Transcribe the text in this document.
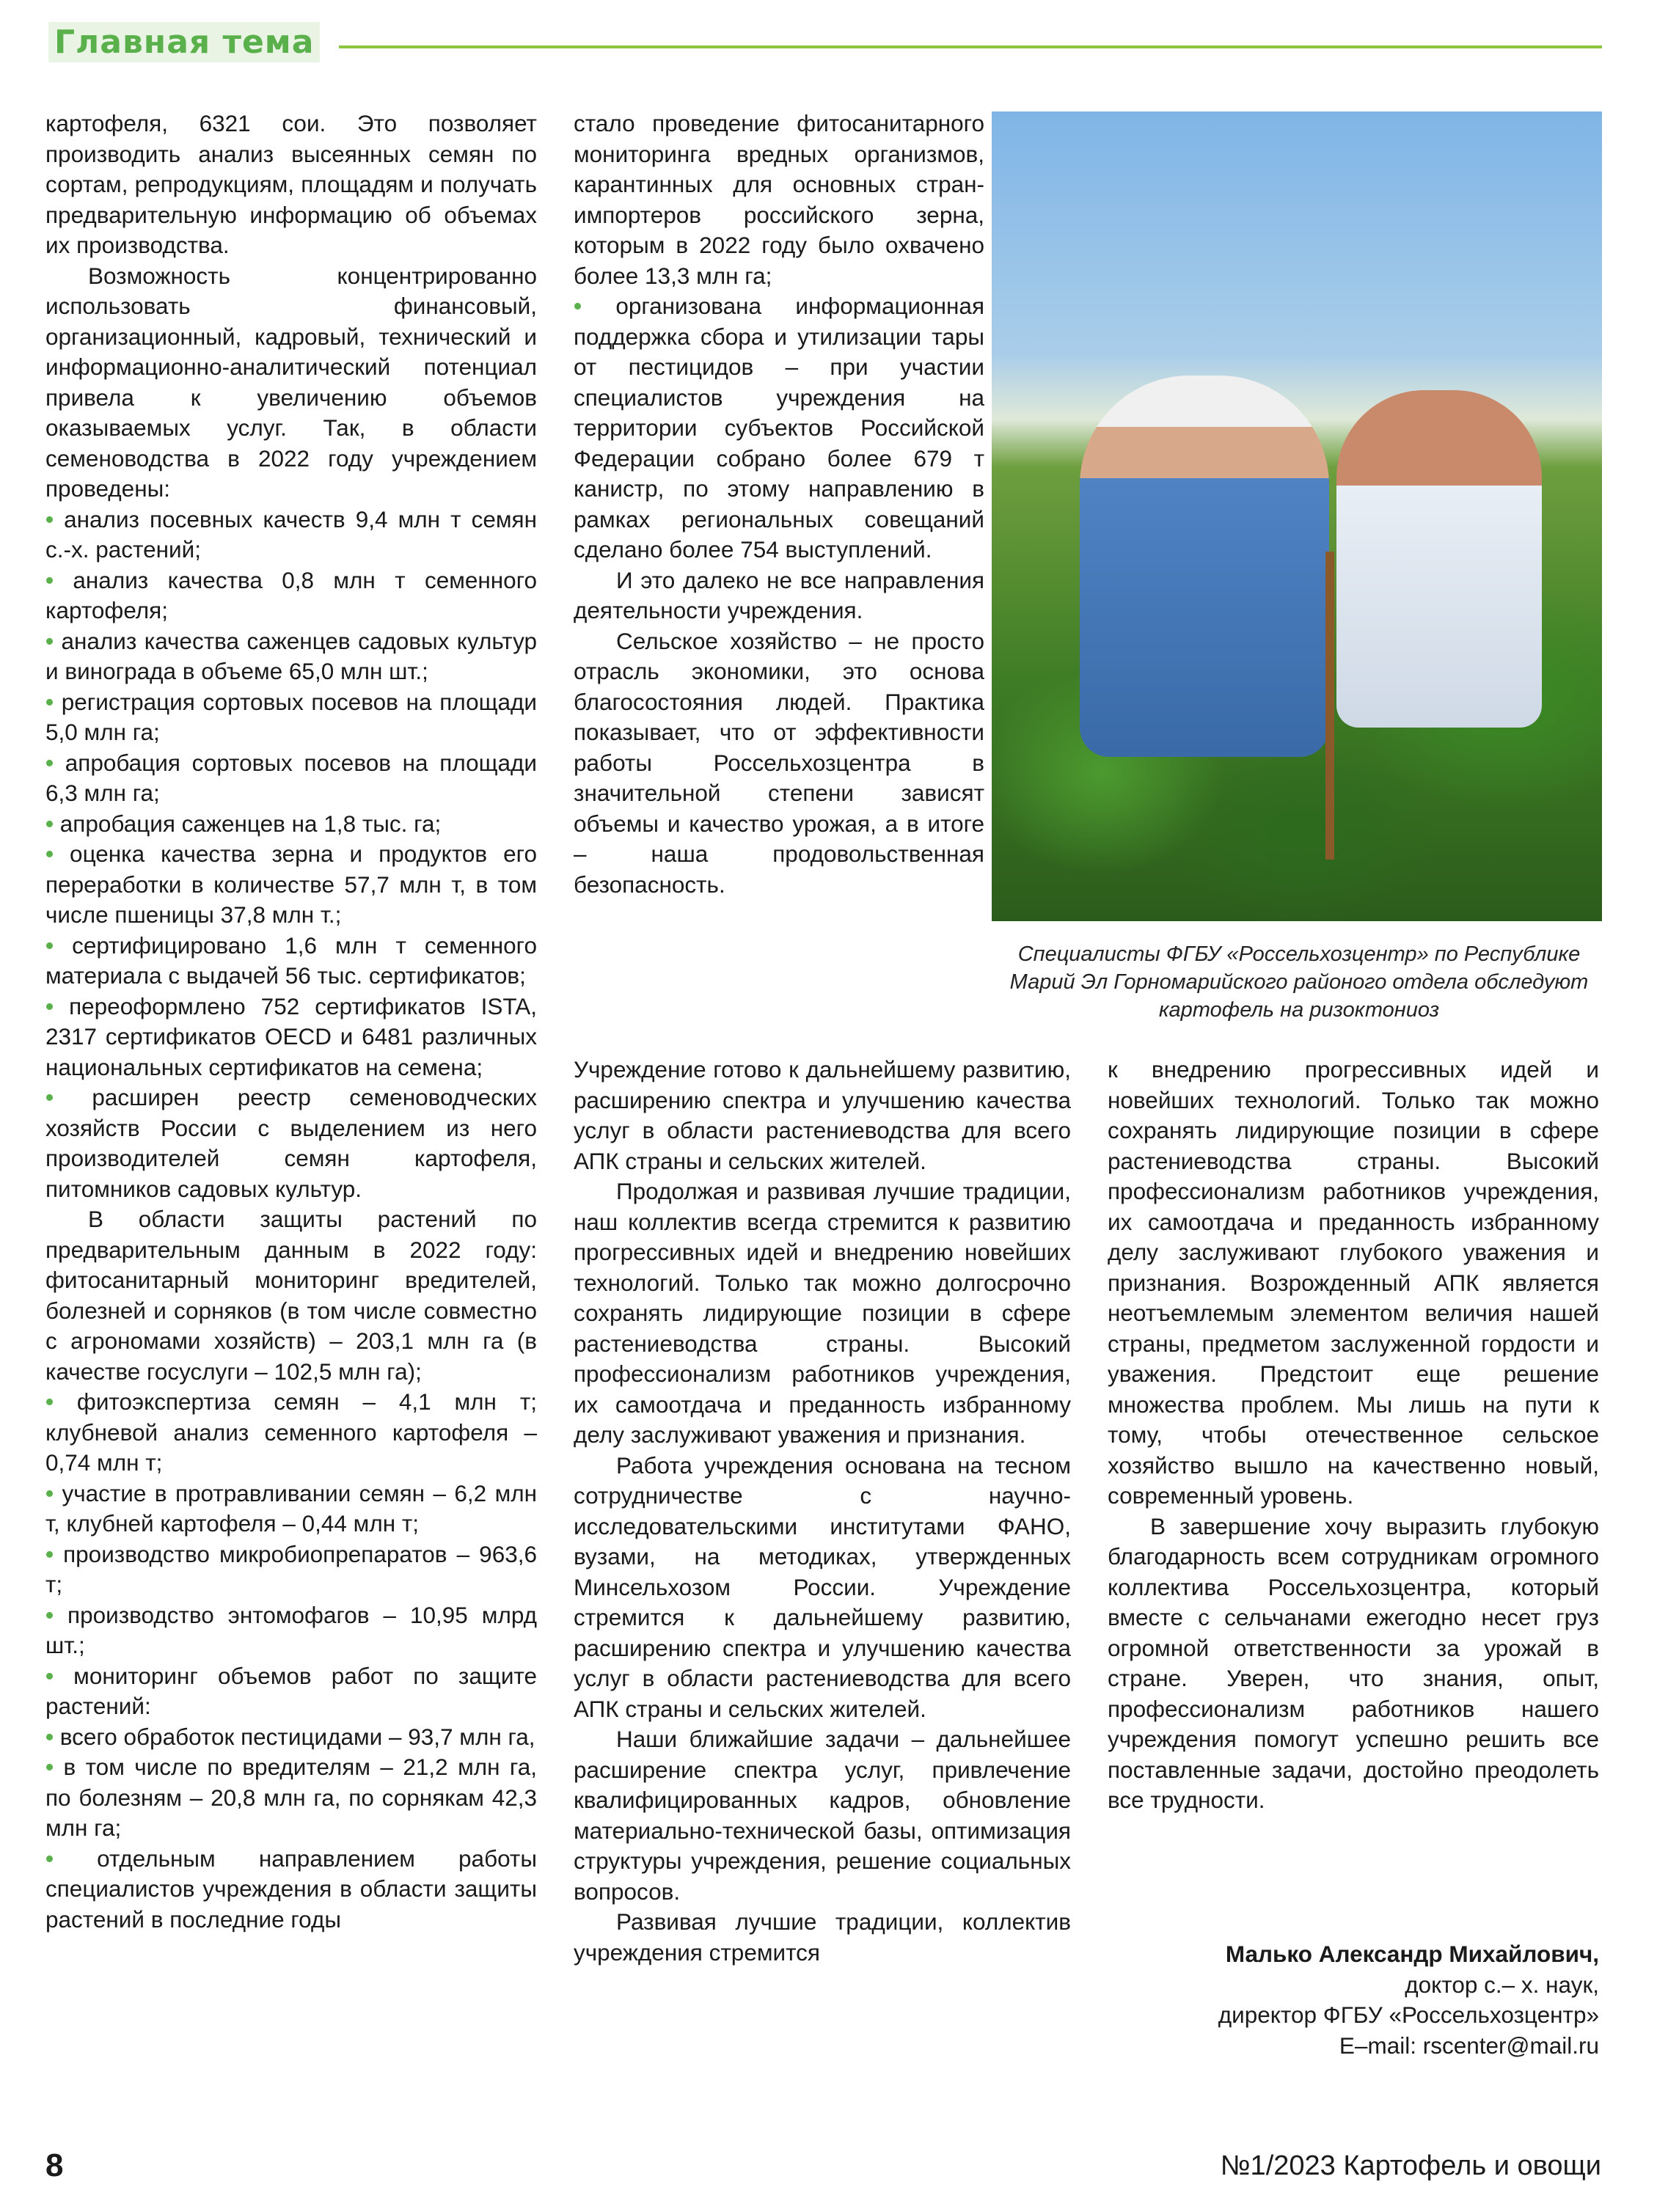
Главная тема

картофеля, 6321 сои. Это позволяет производить анализ высеянных семян по сортам, репродукциям, площадям и получать предварительную информацию об объемах их производства.

Возможность концентрированно использовать финансовый, организационный, кадровый, технический и информационно-аналитический потенциал привела к увеличению объемов оказываемых услуг. Так, в области семеноводства в 2022 году учреждением проведены:

• анализ посевных качеств 9,4 млн т семян с.-х. растений;

• анализ качества 0,8 млн т семенного картофеля;

• анализ качества саженцев садовых культур и винограда в объеме 65,0 млн шт.;

• регистрация сортовых посевов на площади 5,0 млн га;

• апробация сортовых посевов на площади 6,3 млн га;

• апробация саженцев на 1,8 тыс. га;

• оценка качества зерна и продуктов его переработки в количестве 57,7 млн т, в том числе пшеницы 37,8 млн т.;

• сертифицировано 1,6 млн т семенного материала с выдачей 56 тыс. сертификатов;

• переоформлено 752 сертификатов ISTA, 2317 сертификатов OECD и 6481 различных национальных сертификатов на семена;

• расширен реестр семеноводческих хозяйств России с выделением из него производителей семян картофеля, питомников садовых культур.

В области защиты растений по предварительным данным в 2022 году: фитосанитарный мониторинг вредителей, болезней и сорняков (в том числе совместно с агрономами хозяйств) – 203,1 млн га (в качестве госуслуги – 102,5 млн га);

• фитоэкспертиза семян – 4,1 млн т; клубневой анализ семенного картофеля – 0,74 млн т;

• участие в протравливании семян – 6,2 млн т, клубней картофеля – 0,44 млн т;

• производство микробиопрепаратов – 963,6 т;

• производство энтомофагов – 10,95 млрд шт.;

• мониторинг объемов работ по защите растений:

• всего обработок пестицидами – 93,7 млн га,

• в том числе по вредителям – 21,2 млн га, по болезням – 20,8 млн га, по сорнякам 42,3 млн га;

• отдельным направлением работы специалистов учреждения в области защиты растений в последние годы

стало проведение фитосанитарного мониторинга вредных организмов, карантинных для основных стран-импортеров российского зерна, которым в 2022 году было охвачено более 13,3 млн га;

• организована информационная поддержка сбора и утилизации тары от пестицидов – при участии специалистов учреждения на территории субъектов Российской Федерации собрано более 679 т канистр, по этому направлению в рамках региональных совещаний сделано более 754 выступлений.

И это далеко не все направления деятельности учреждения.

Сельское хозяйство – не просто отрасль экономики, это основа благосостояния людей. Практика показывает, что от эффективности работы Россельхозцентра в значительной степени зависят объемы и качество урожая, а в итоге – наша продовольственная безопасность.

Специалисты ФГБУ «Россельхозцентр» по Республике Марий Эл Горномарийского районого отдела обследуют картофель на ризоктониоз

Учреждение готово к дальнейшему развитию, расширению спектра и улучшению качества услуг в области растениеводства для всего АПК страны и сельских жителей.

Продолжая и развивая лучшие традиции, наш коллектив всегда стремится к развитию прогрессивных идей и внедрению новейших технологий. Только так можно долгосрочно сохранять лидирующие позиции в сфере растениеводства страны. Высокий профессионализм работников учреждения, их самоотдача и преданность избранному делу заслуживают уважения и признания.

Работа учреждения основана на тесном сотрудничестве с научно-исследовательскими институтами ФАНО, вузами, на методиках, утвержденных Минсельхозом России. Учреждение стремится к дальнейшему развитию, расширению спектра и улучшению качества услуг в области растениеводства для всего АПК страны и сельских жителей.

Наши ближайшие задачи – дальнейшее расширение спектра услуг, привлечение квалифицированных кадров, обновление материально-технической базы, оптимизация структуры учреждения, решение социальных вопросов.

Развивая лучшие традиции, коллектив учреждения стремится

к внедрению прогрессивных идей и новейших технологий. Только так можно сохранять лидирующие позиции в сфере растениеводства страны. Высокий профессионализм работников учреждения, их самоотдача и преданность избранному делу заслуживают глубокого уважения и признания. Возрожденный АПК является неотъемлемым элементом величия нашей страны, предметом заслуженной гордости и уважения. Предстоит еще решение множества проблем. Мы лишь на пути к тому, чтобы отечественное сельское хозяйство вышло на качественно новый, современный уровень.

В завершение хочу выразить глубокую благодарность всем сотрудникам огромного коллектива Россельхозцентра, который вместе с сельчанами ежегодно несет груз огромной ответственности за урожай в стране. Уверен, что знания, опыт, профессионализм работников нашего учреждения помогут успешно решить все поставленные задачи, достойно преодолеть все трудности.

Малько Александр Михайлович,
доктор с.– х. наук,
директор ФГБУ «Россельхозцентр»
E–mail: rscenter@mail.ru
8	№1/2023 Картофель и овощи
